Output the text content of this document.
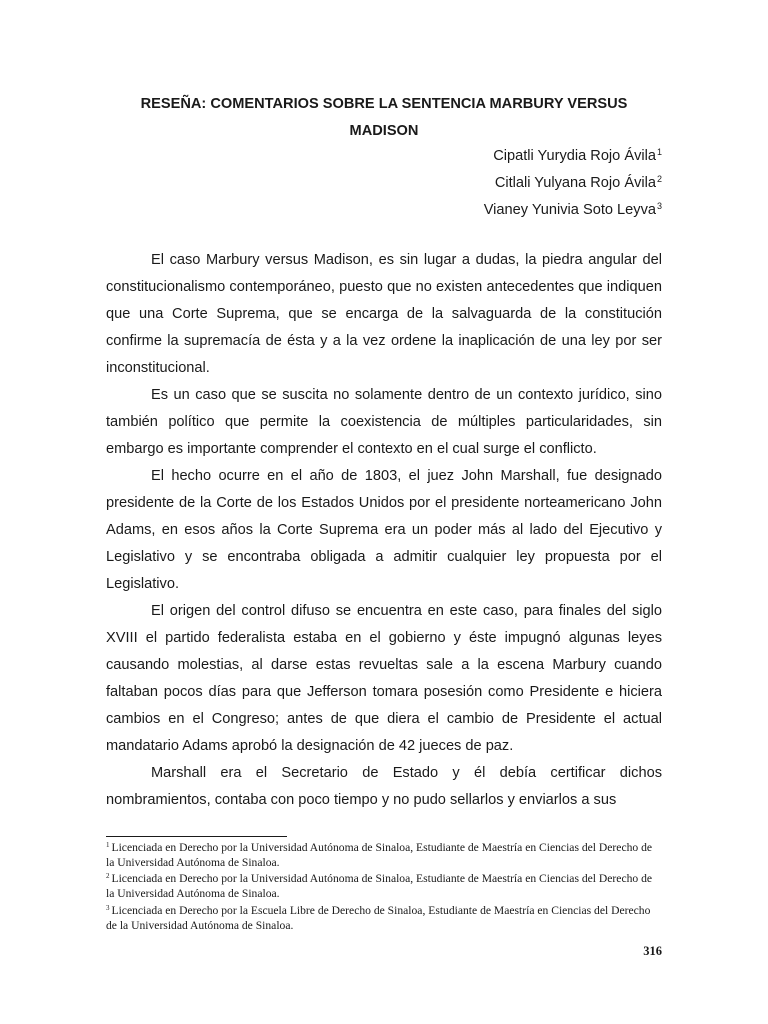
RESEÑA: COMENTARIOS SOBRE LA SENTENCIA MARBURY VERSUS MADISON
Cipatli Yurydia Rojo Ávila$^1$
Citlali Yulyana Rojo Ávila$^2$
Vianey Yunivia Soto Leyva$^3$

El caso Marbury versus Madison, es sin lugar a dudas, la piedra angular del constitucionalismo contemporáneo, puesto que no existen antecedentes que indiquen que una Corte Suprema, que se encarga de la salvaguarda de la constitución confirme la supremacía de ésta y a la vez ordene la inaplicación de una ley por ser inconstitucional.

Es un caso que se suscita no solamente dentro de un contexto jurídico, sino también político que permite la coexistencia de múltiples particularidades, sin embargo es importante comprender el contexto en el cual surge el conflicto.

El hecho ocurre en el año de 1803, el juez John Marshall, fue designado presidente de la Corte de los Estados Unidos por el presidente norteamericano John Adams, en esos años la Corte Suprema era un poder más al lado del Ejecutivo y Legislativo y se encontraba obligada a admitir cualquier ley propuesta por el Legislativo.

El origen del control difuso se encuentra en este caso, para finales del siglo XVIII el partido federalista estaba en el gobierno y éste impugnó algunas leyes causando molestias, al darse estas revueltas sale a la escena Marbury cuando faltaban pocos días para que Jefferson tomara posesión como Presidente e hiciera cambios en el Congreso; antes de que diera el cambio de Presidente el actual mandatario Adams aprobó la designación de 42 jueces de paz.

Marshall era el Secretario de Estado y él debía certificar dichos nombramientos, contaba con poco tiempo y no pudo sellarlos y enviarlos a sus

$^1$ Licenciada en Derecho por la Universidad Autónoma de Sinaloa, Estudiante de Maestría en Ciencias del Derecho de la Universidad Autónoma de Sinaloa.
$^2$ Licenciada en Derecho por la Universidad Autónoma de Sinaloa, Estudiante de Maestría en Ciencias del Derecho de la Universidad Autónoma de Sinaloa.
$^3$ Licenciada en Derecho por la Escuela Libre de Derecho de Sinaloa, Estudiante de Maestría en Ciencias del Derecho de la Universidad Autónoma de Sinaloa.
316
